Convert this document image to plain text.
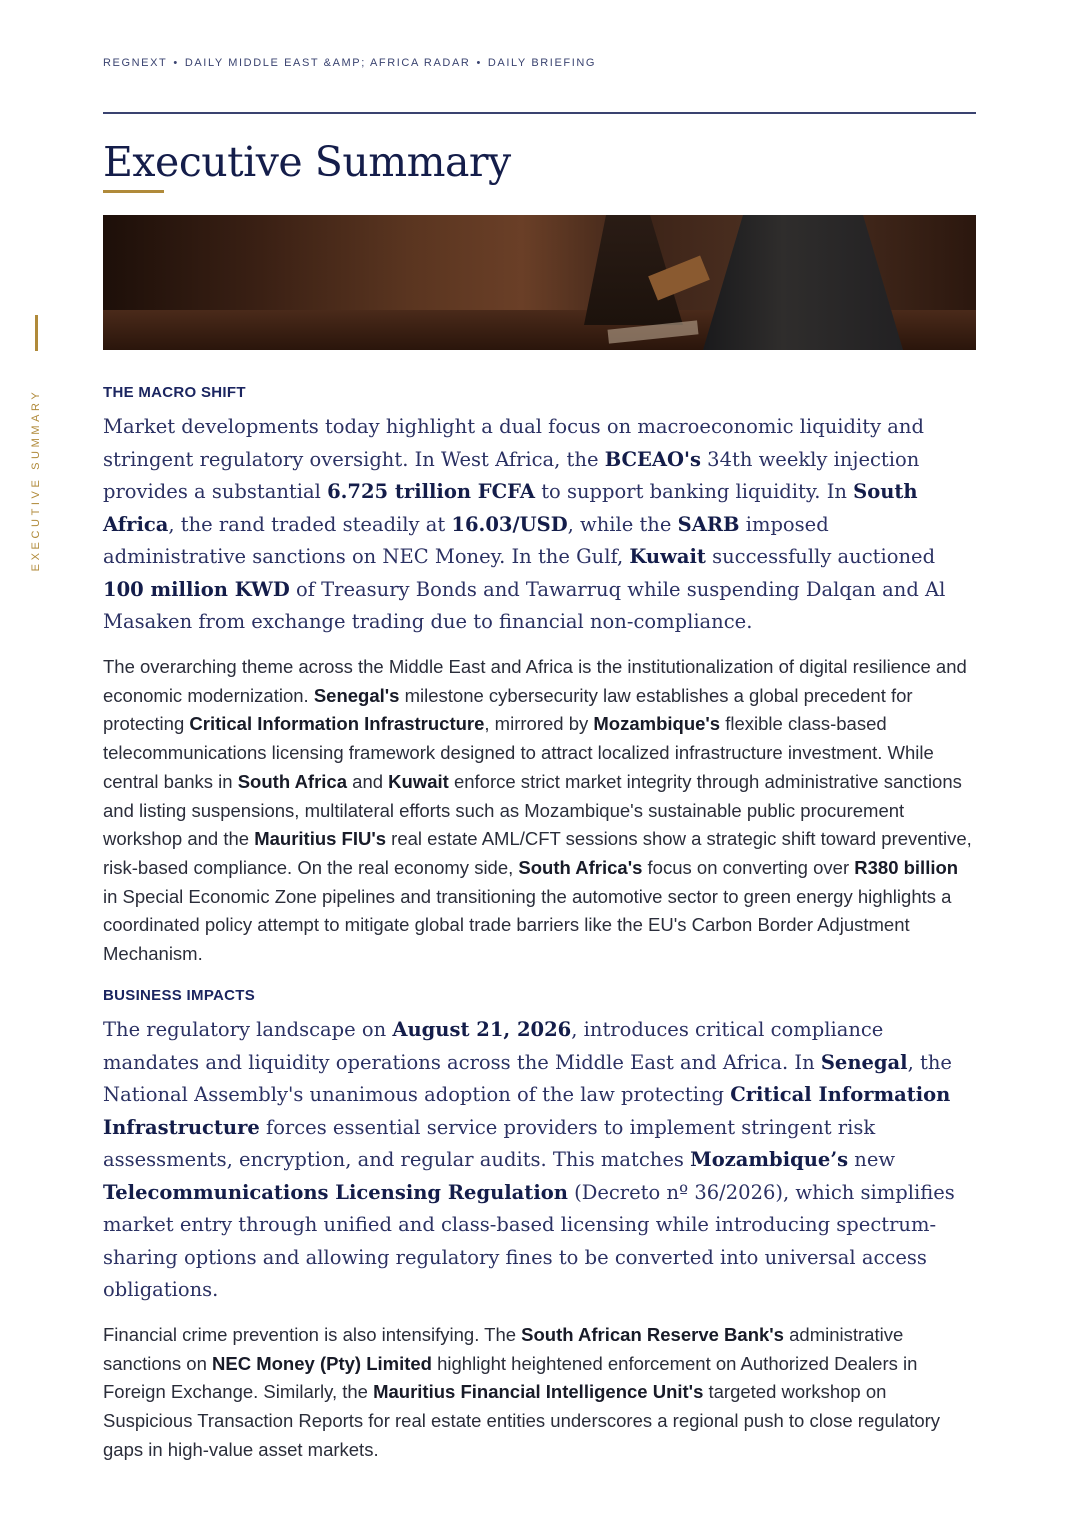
REGNEXT • DAILY MIDDLE EAST &AMP; AFRICA RADAR • DAILY BRIEFING
Executive Summary
EXECUTIVE SUMMARY	THE MACRO SHIFT

Market developments today highlight a dual focus on macroeconomic liquidity and stringent regulatory oversight. In West Africa, the BCEAO's 34th weekly injection provides a substantial 6.725 trillion FCFA to support banking liquidity. In South Africa, the rand traded steadily at 16.03/USD, while the SARB imposed administrative sanctions on NEC Money. In the Gulf, Kuwait successfully auctioned 100 million KWD of Treasury Bonds and Tawarruq while suspending Dalqan and Al Masaken from exchange trading due to financial non-compliance.

The overarching theme across the Middle East and Africa is the institutionalization of digital resilience and economic modernization. Senegal's milestone cybersecurity law establishes a global precedent for protecting Critical Information Infrastructure, mirrored by Mozambique's flexible class-based telecommunications licensing framework designed to attract localized infrastructure investment. While central banks in South Africa and Kuwait enforce strict market integrity through administrative sanctions and listing suspensions, multilateral efforts such as Mozambique's sustainable public procurement workshop and the Mauritius FIU's real estate AML/CFT sessions show a strategic shift toward preventive, risk-based compliance. On the real economy side, South Africa's focus on converting over R380 billion in Special Economic Zone pipelines and transitioning the automotive sector to green energy highlights a coordinated policy attempt to mitigate global trade barriers like the EU's Carbon Border Adjustment Mechanism.

BUSINESS IMPACTS

The regulatory landscape on August 21, 2026, introduces critical compliance mandates and liquidity operations across the Middle East and Africa. In Senegal, the National Assembly's unanimous adoption of the law protecting Critical Information Infrastructure forces essential service providers to implement stringent risk assessments, encryption, and regular audits. This matches Mozambique’s new Telecommunications Licensing Regulation (Decreto nº 36/2026), which simplifies market entry through unified and class-based licensing while introducing spectrum-sharing options and allowing regulatory fines to be converted into universal access obligations.

Financial crime prevention is also intensifying. The South African Reserve Bank's administrative sanctions on NEC Money (Pty) Limited highlight heightened enforcement on Authorized Dealers in Foreign Exchange. Similarly, the Mauritius Financial Intelligence Unit's targeted workshop on Suspicious Transaction Reports for real estate entities underscores a regional push to close regulatory gaps in high-value asset markets.
